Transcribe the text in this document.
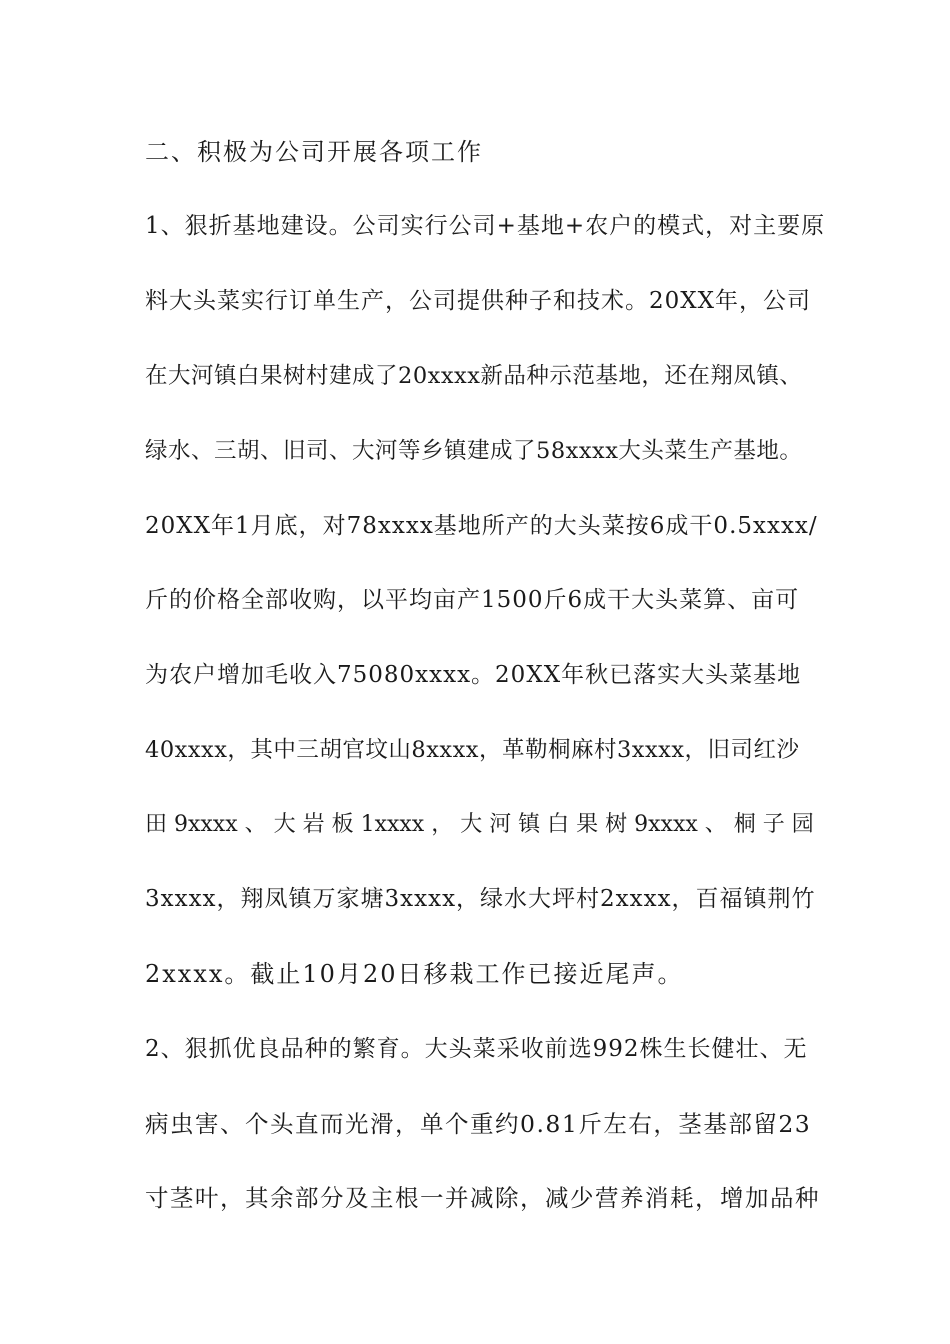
二、积极为公司开展各项工作
1、狠折基地建设。公司实行公司+基地+农户的模式，对主要原
料大头菜实行订单生产，公司提供种子和技术。20XX年，公司
在大河镇白果树村建成了20xxxx新品种示范基地，还在翔凤镇、
绿水、三胡、旧司、大河等乡镇建成了58xxxx大头菜生产基地。
20XX年1月底，对78xxxx基地所产的大头菜按6成干0.5xxxx/
斤的价格全部收购，以平均亩产1500斤6成干大头菜算、亩可
为农户增加毛收入75080xxxx。20XX年秋已落实大头菜基地
40xxxx，其中三胡官坟山8xxxx，革勒桐麻村3xxxx，旧司红沙
田 9xxxx 、 大 岩 板 1xxxx ， 大 河 镇 白 果 树 9xxxx 、 桐 子 园
3xxxx，翔凤镇万家塘3xxxx，绿水大坪村2xxxx，百福镇荆竹
2xxxx。截止10月20日移栽工作已接近尾声。
2、狠抓优良品种的繁育。大头菜采收前选992株生长健壮、无
病虫害、个头直而光滑，单个重约0.81斤左右，茎基部留23
寸茎叶，其余部分及主根一并减除，减少营养消耗，增加品种
